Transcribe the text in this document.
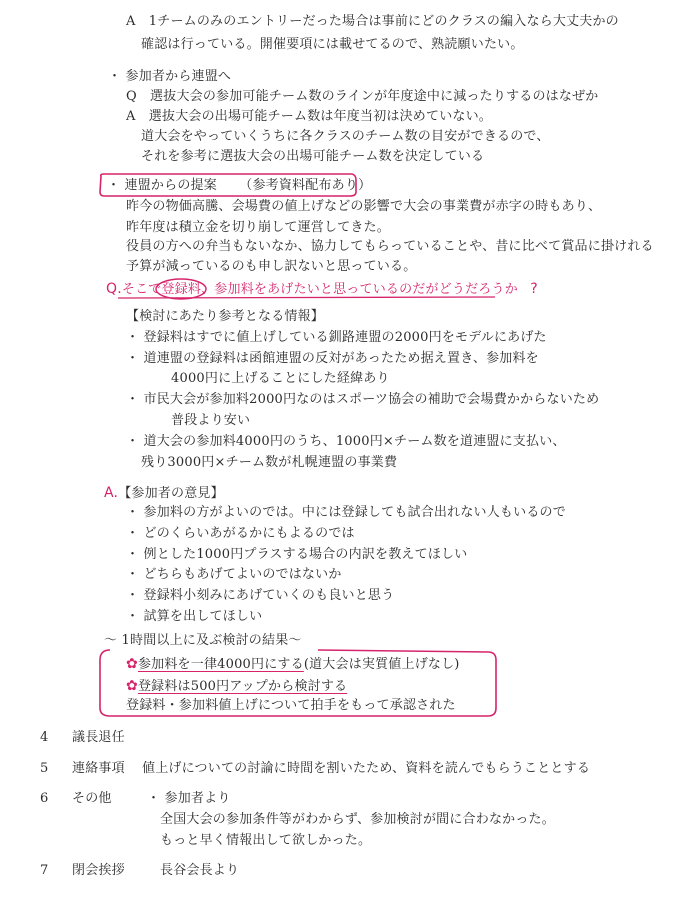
A　1チームのみのエントリーだった場合は事前にどのクラスの編入なら大丈夫かの
確認は行っている。開催要項には載せてるので、熟読願いたい。
・ 参加者から連盟へ
Q　選抜大会の参加可能チーム数のラインが年度途中に減ったりするのはなぜか
A　選抜大会の出場可能チーム数は年度当初は決めていない。
道大会をやっていくうちに各クラスのチーム数の目安ができるので、
それを参考に選抜大会の出場可能チーム数を決定している
・ 連盟からの提案 （参考資料配布あり）
昨今の物価高騰、会場費の値上げなどの影響で大会の事業費が赤字の時もあり、
昨年度は積立金を切り崩して運営してきた。
役員の方への弁当もないなか、協力してもらっていることや、昔に比べて賞品に掛けれる
予算が減っているのも申し訳ないと思っている。
Q.そこで登録料、参加料をあげたいと思っているのだがどうだろうか ?
【検討にあたり参考となる情報】
・ 登録料はすでに値上げしている釧路連盟の2000円をモデルにあげた
・ 道連盟の登録料は函館連盟の反対があったため据え置き、参加料を
4000円に上げることにした経緯あり
・ 市民大会が参加料2000円なのはスポーツ協会の補助で会場費かからないため
普段より安い
・ 道大会の参加料4000円のうち、1000円×チーム数を道連盟に支払い、
残り3000円×チーム数が札幌連盟の事業費
A.【参加者の意見】
・ 参加料の方がよいのでは。中には登録しても試合出れない人もいるので
・ どのくらいあがるかにもよるのでは
・ 例とした1000円プラスする場合の内訳を教えてほしい
・ どちらもあげてよいのではないか
・ 登録料小刻みにあげていくのも良いと思う
・ 試算を出してほしい
～ 1時間以上に及ぶ検討の結果～
✿参加料を一律4000円にする(道大会は実質値上げなし)
✿登録料は500円アップから検討する
登録料・参加料値上げについて拍手をもって承認された
4 議長退任
5 連絡事項 値上げについての討論に時間を割いたため、資料を読んでもらうこととする
6 その他	・ 参加者より
全国大会の参加条件等がわからず、参加検討が間に合わなかった。
もっと早く情報出して欲しかった。
7 閉会挨拶	長谷会長より
